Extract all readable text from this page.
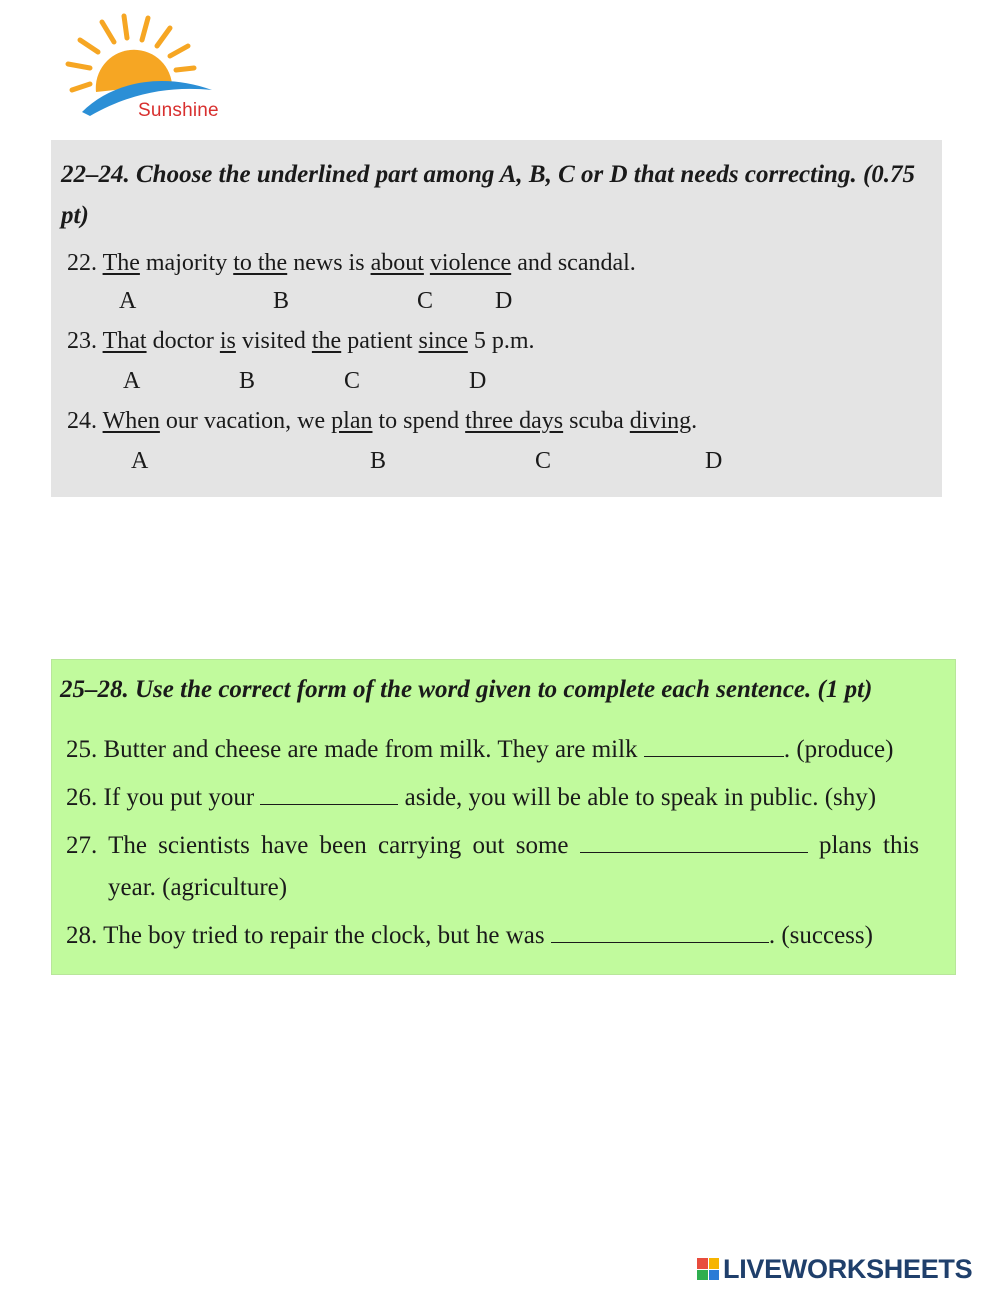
Sunshine
22–24. Choose the underlined part among A, B, C or D that needs correcting. (0.75 pt)
22. The majority to the news is about violence and scandal.
A	B	C	D
23. That doctor is visited the patient since 5 p.m.
A	B	C	D
24. When our vacation, we plan to spend three days scuba diving.
A	B	C	D
25–28. Use the correct form of the word given to complete each sentence. (1 pt)
25. Butter and cheese are made from milk. They are milk	. (produce)
26. If you put your	aside, you will be able to speak in public. (shy)
27. The scientists have been carrying out some	plans this
year. (agriculture)
28. The boy tried to repair the clock, but he was	. (success)
LIVEWORKSHEETS
